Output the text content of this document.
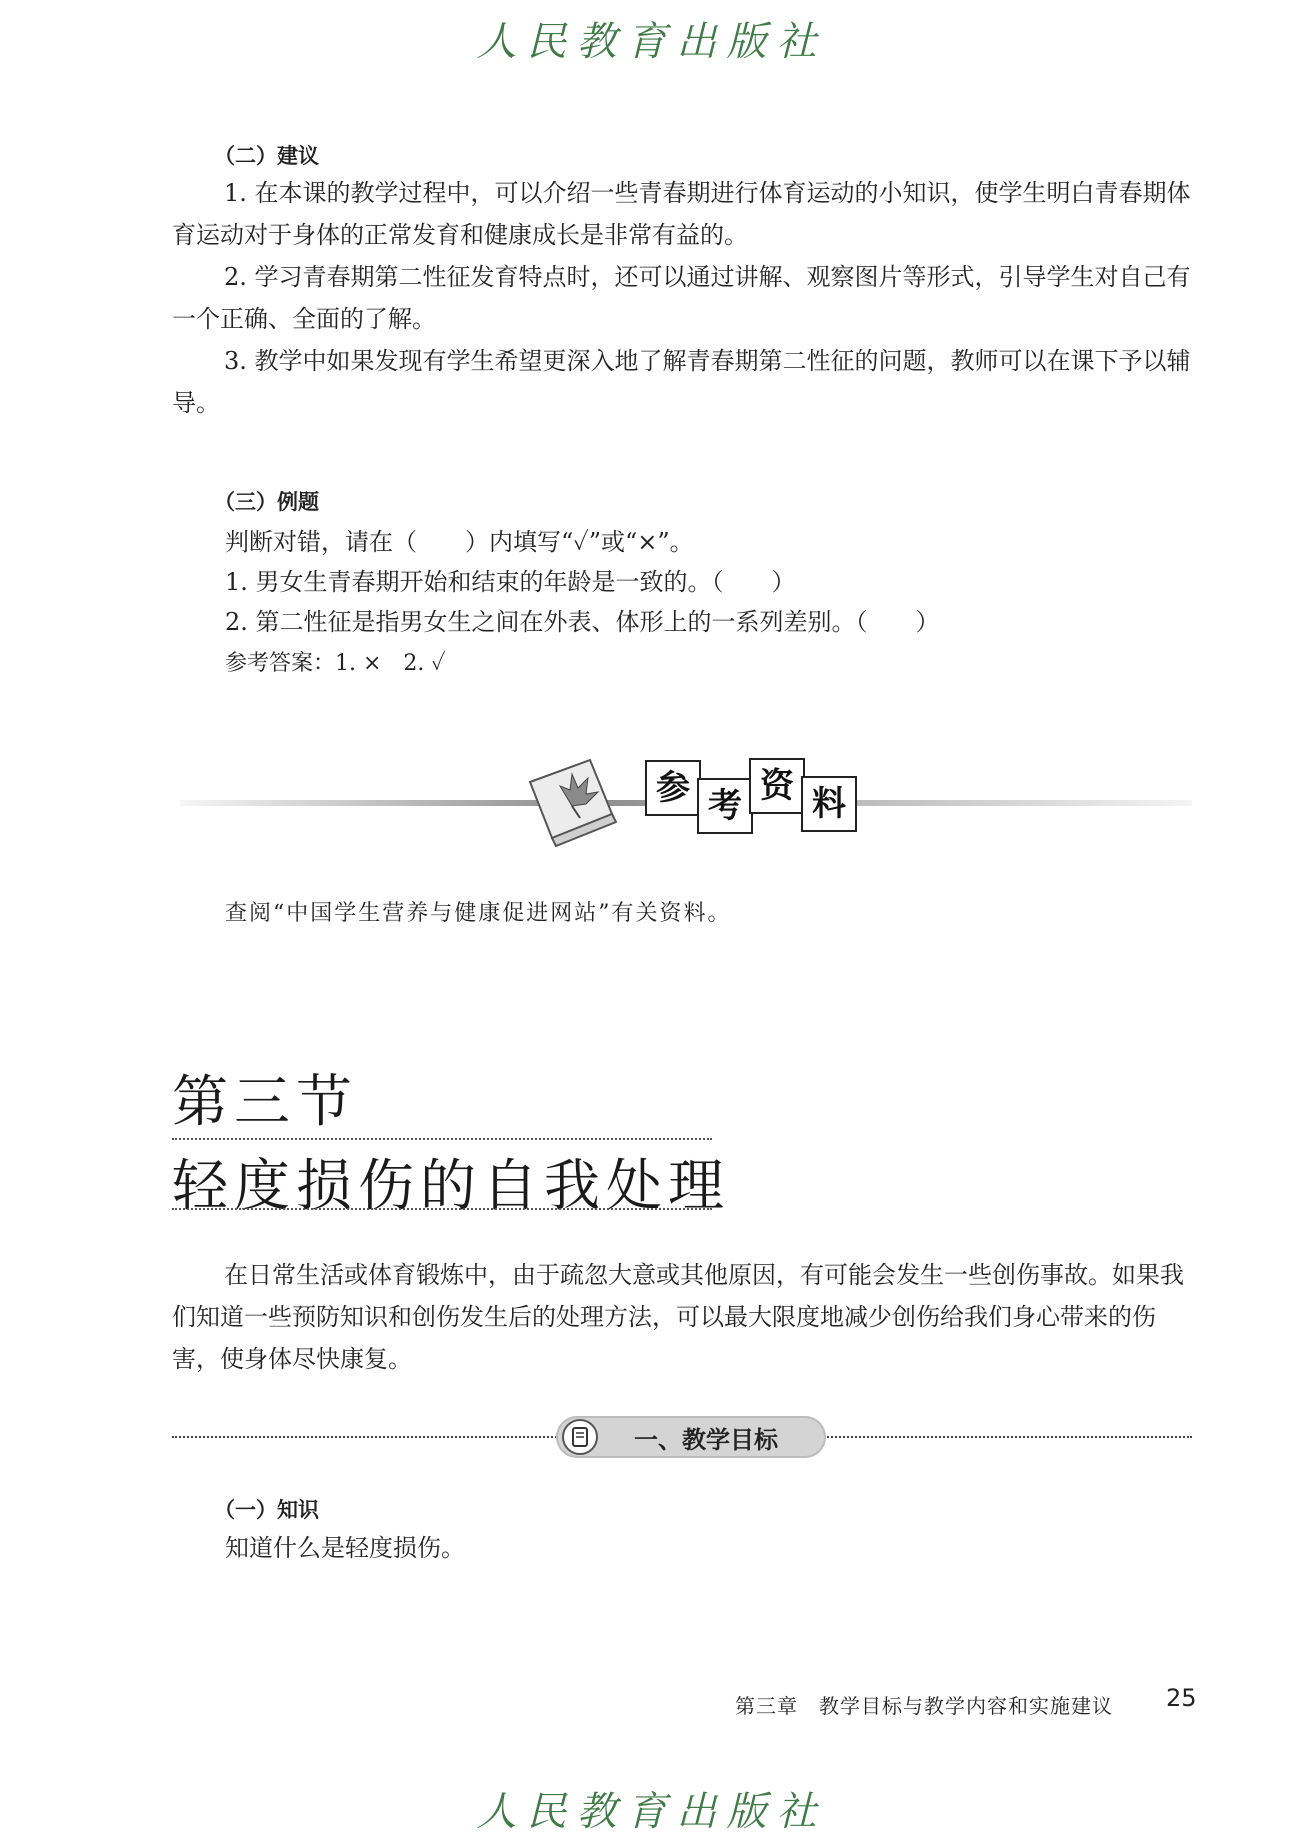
人民教育出版社
（二）建议

1. 在本课的教学过程中，可以介绍一些青春期进行体育运动的小知识，使学生明白青春期体育运动对于身体的正常发育和健康成长是非常有益的。

2. 学习青春期第二性征发育特点时，还可以通过讲解、观察图片等形式，引导学生对自己有一个正确、全面的了解。

3. 教学中如果发现有学生希望更深入地了解青春期第二性征的问题，教师可以在课下予以辅导。

（三）例题
判断对错，请在（　　）内填写“✓”或“×”。
1. 男女生青春期开始和结束的年龄是一致的。（　　）
2. 第二性征是指男女生之间在外表、体形上的一系列差别。（　　）
参考答案：1. ×　2. ✓
参 考 资 料
查阅“中国学生营养与健康促进网站”有关资料。
第三节
轻度损伤的自我处理

在日常生活或体育锻炼中，由于疏忽大意或其他原因，有可能会发生一些创伤事故。如果我们知道一些预防知识和创伤发生后的处理方法，可以最大限度地减少创伤给我们身心带来的伤害，使身体尽快康复。

一、教学目标
（一）知识
知道什么是轻度损伤。
第三章　教学目标与教学内容和实施建议 25
人民教育出版社
